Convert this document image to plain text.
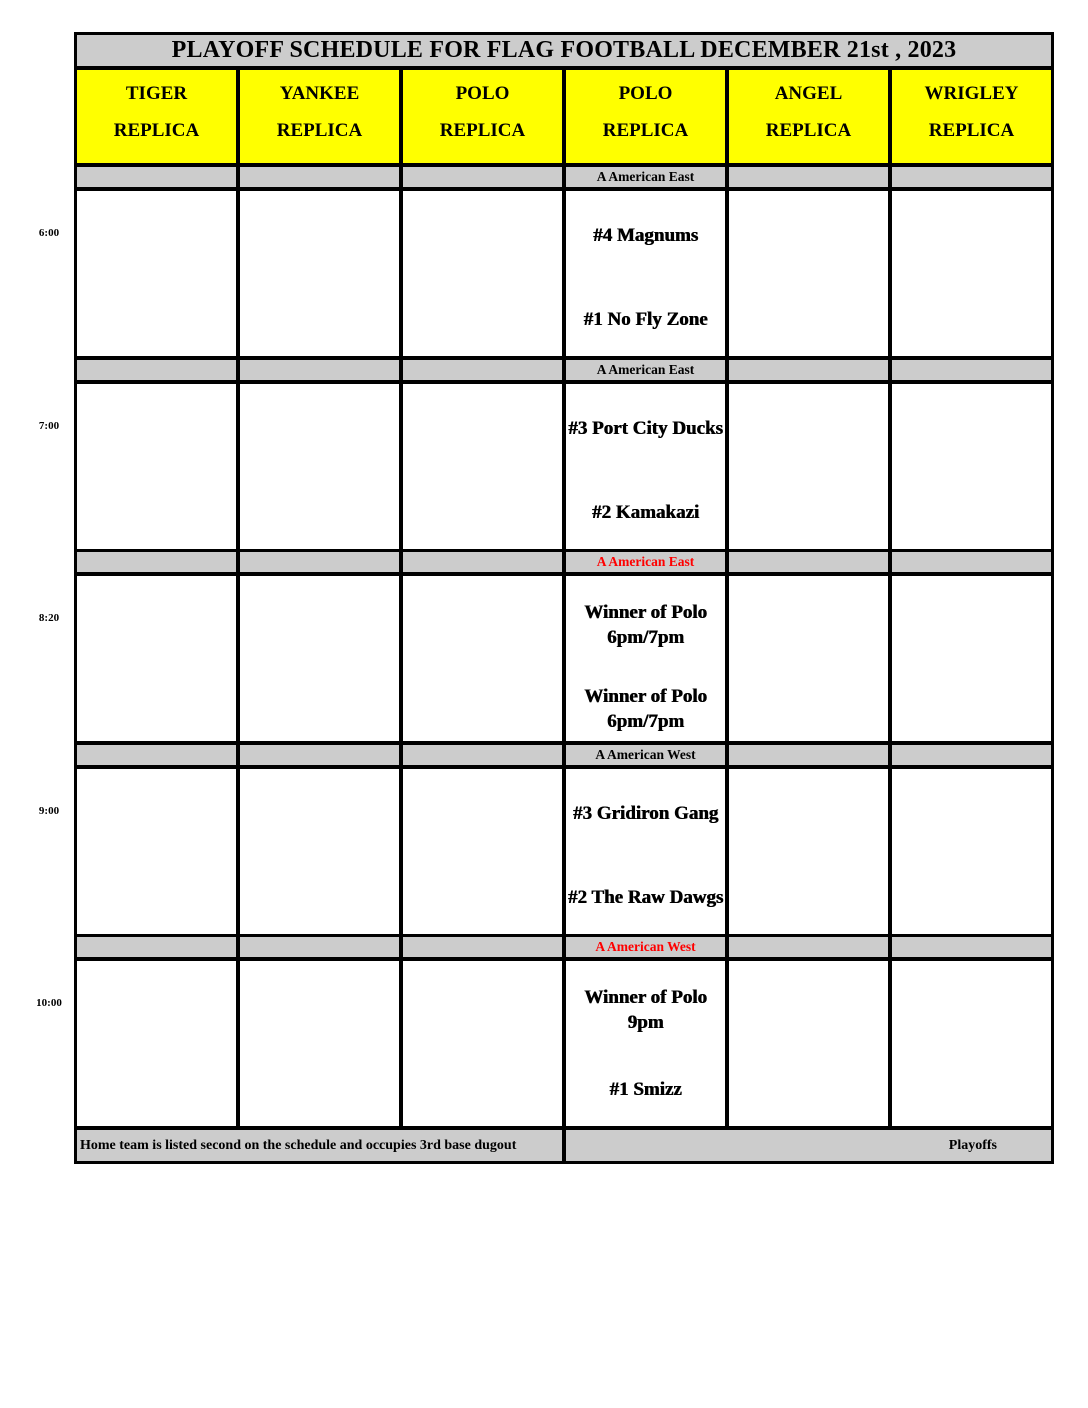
PLAYOFF SCHEDULE FOR FLAG FOOTBALL DECEMBER 21st , 2023
TIGER
REPLICA
YANKEE
REPLICA
POLO
REPLICA
POLO
REPLICA
ANGEL
REPLICA
WRIGLEY
REPLICA
A American East
#4 Magnums
#1 No Fly Zone
A American East
#3 Port City Ducks
#2 Kamakazi
A American East
Winner of Polo 6pm/7pm
Winner of Polo 6pm/7pm
A American West
#3 Gridiron Gang
#2 The Raw Dawgs
A American West
Winner of Polo 9pm
#1 Smizz
Home team is listed second on the schedule and occupies 3rd base dugout	Playoffs
6:00
7:00
8:20
9:00
10:00
